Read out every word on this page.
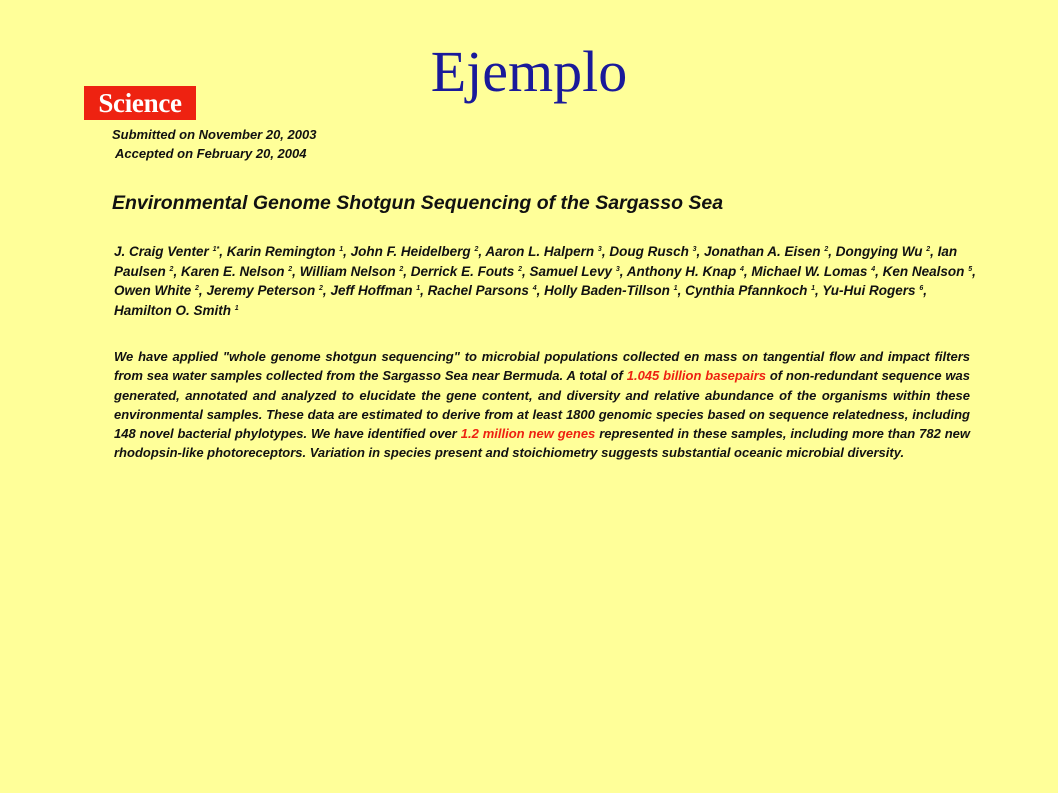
Ejemplo
Science
Submitted on November 20, 2003
Accepted on February 20, 2004
Environmental Genome Shotgun Sequencing of the Sargasso Sea
J. Craig Venter $^{1*}$, Karin Remington $^1$, John F. Heidelberg $^2$, Aaron L. Halpern $^3$, Doug Rusch $^3$, Jonathan A. Eisen $^2$, Dongying Wu $^2$, Ian Paulsen $^2$, Karen E. Nelson $^2$, William Nelson $^2$, Derrick E. Fouts $^2$, Samuel Levy $^3$, Anthony H. Knap $^4$, Michael W. Lomas $^4$, Ken Nealson $^5$, Owen White $^2$, Jeremy Peterson $^2$, Jeff Hoffman $^1$, Rachel Parsons $^4$, Holly Baden-Tillson $^1$, Cynthia Pfannkoch $^1$, Yu-Hui Rogers $^6$, Hamilton O. Smith $^1$
We have applied "whole genome shotgun sequencing" to microbial populations collected en mass on tangential flow and impact filters from sea water samples collected from the Sargasso Sea near Bermuda. A total of 1.045 billion basepairs of non-redundant sequence was generated, annotated and analyzed to elucidate the gene content, and diversity and relative abundance of the organisms within these environmental samples. These data are estimated to derive from at least 1800 genomic species based on sequence relatedness, including 148 novel bacterial phylotypes. We have identified over 1.2 million new genes represented in these samples, including more than 782 new rhodopsin-like photoreceptors. Variation in species present and stoichiometry suggests substantial oceanic microbial diversity.
